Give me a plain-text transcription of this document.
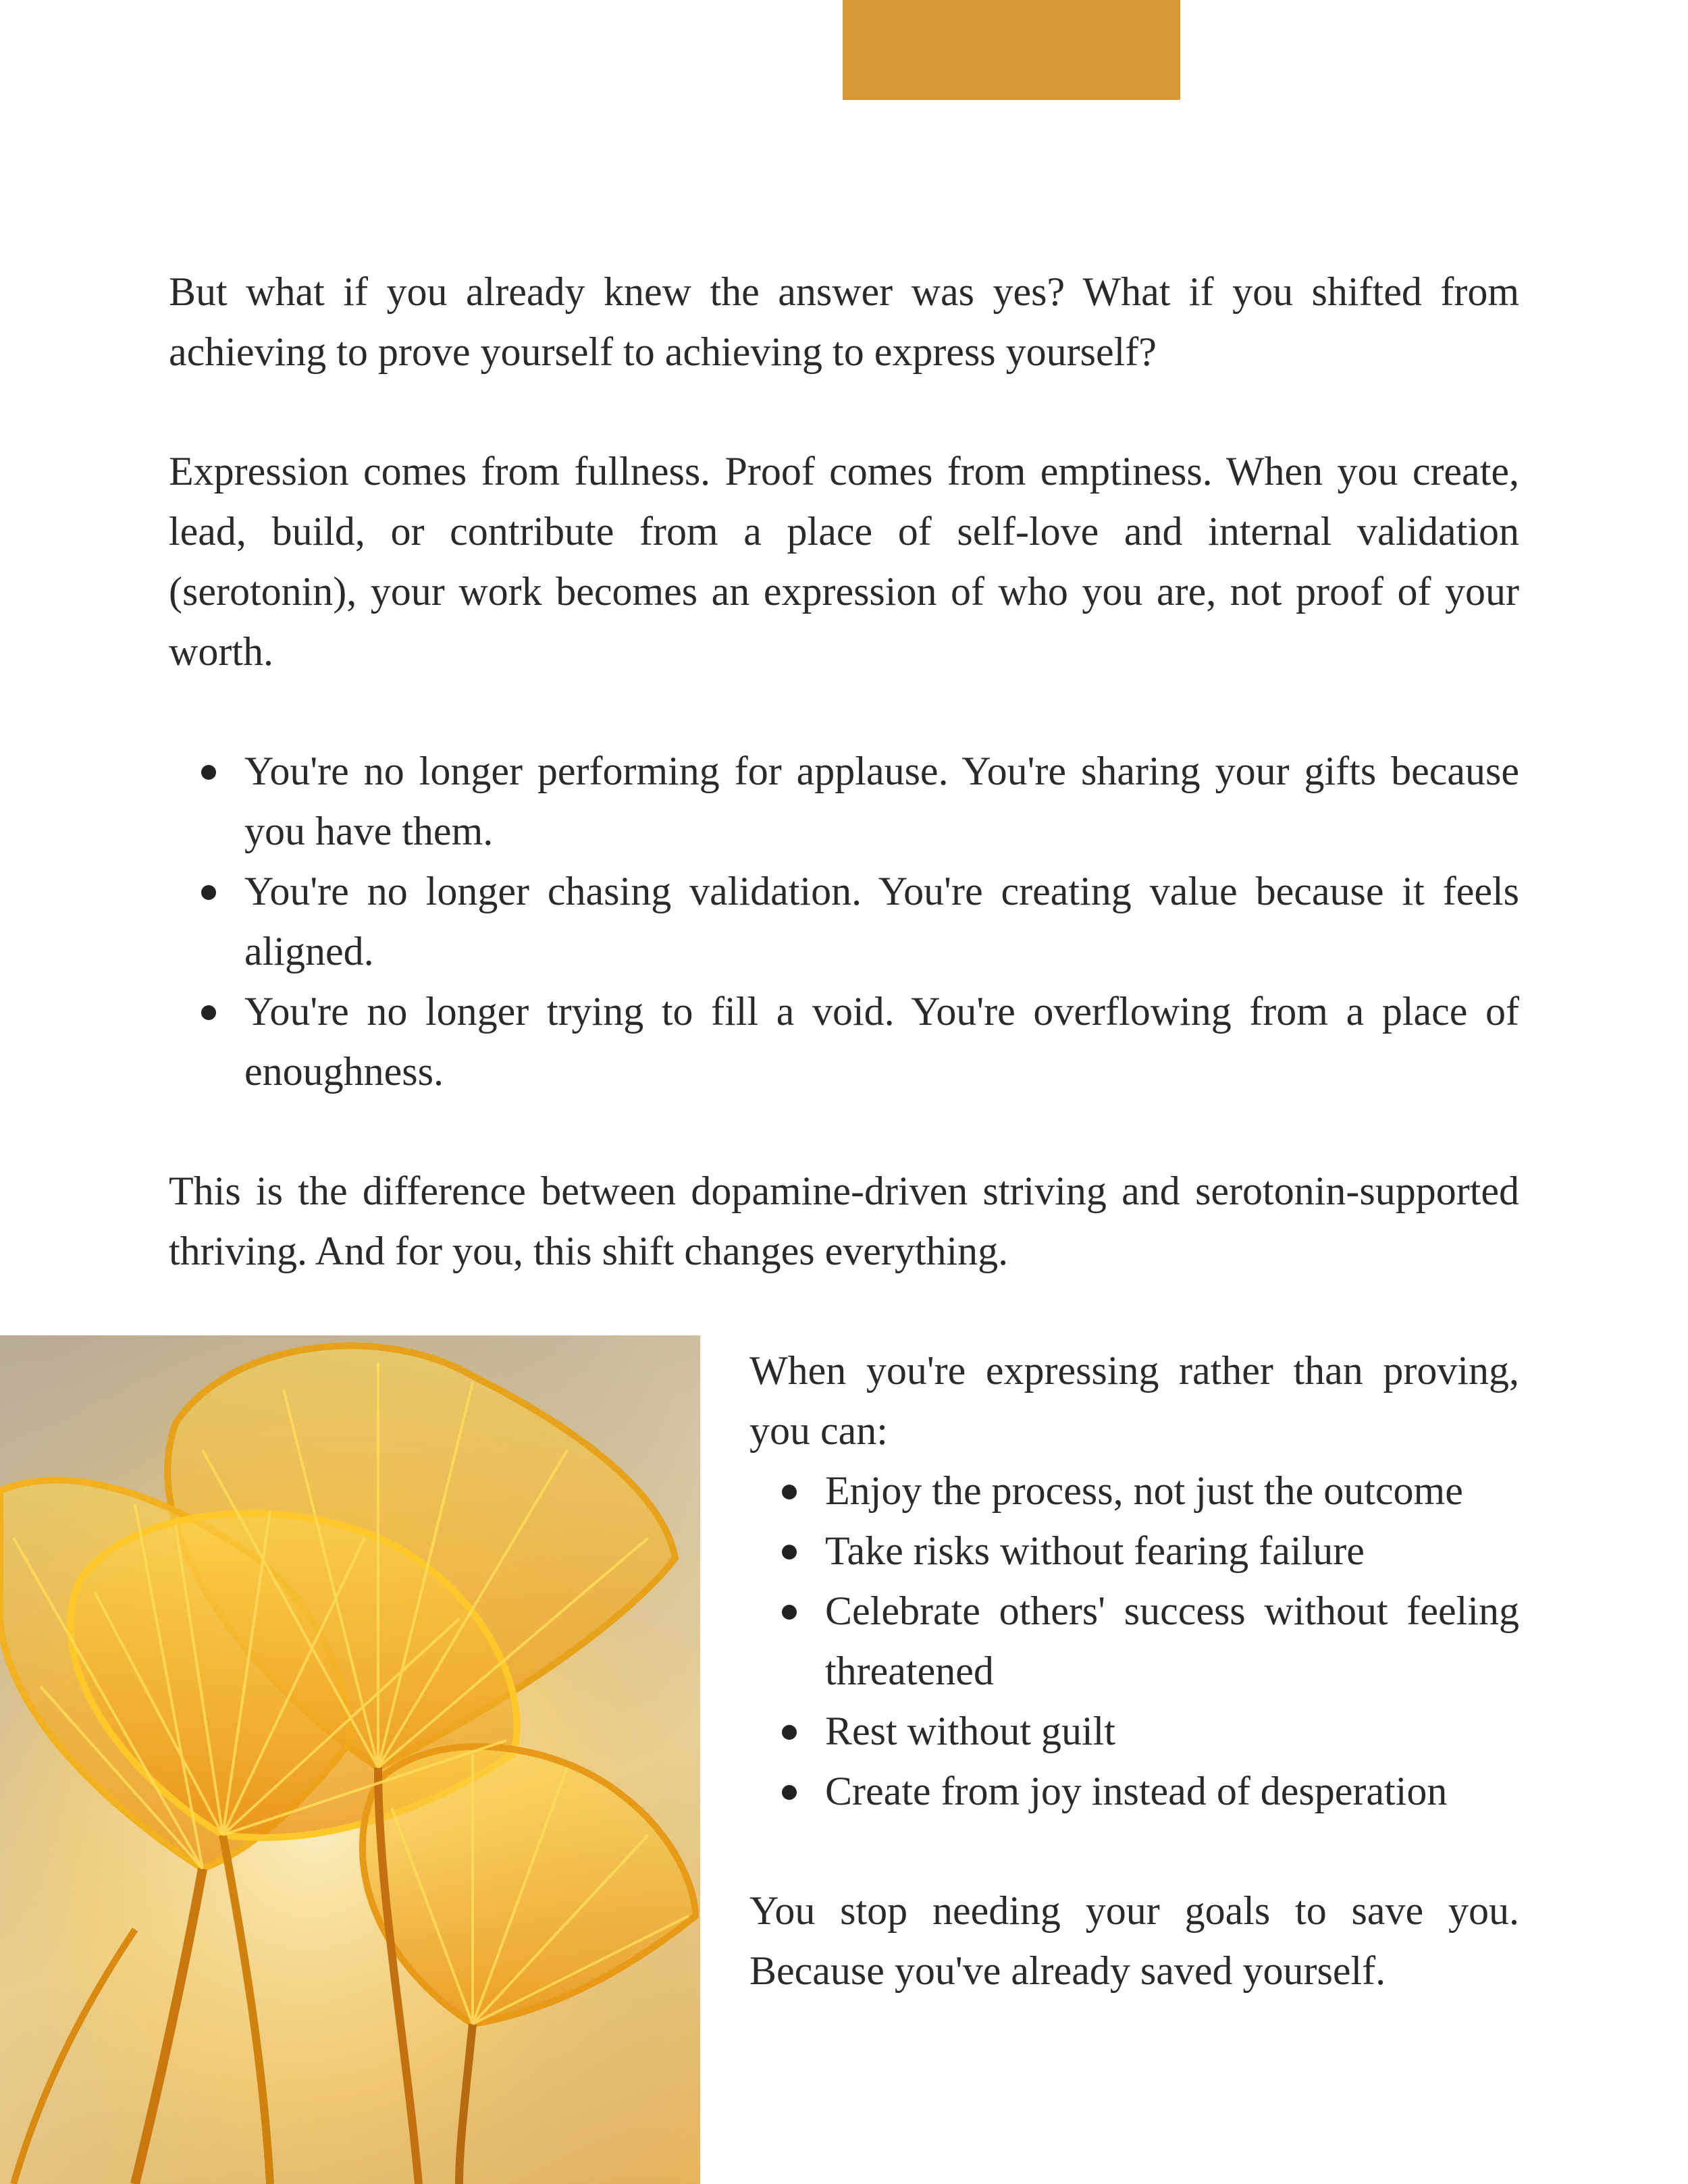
But what if you already knew the answer was yes? What if you shifted from achieving to prove yourself to achieving to express yourself?

Expression comes from fullness. Proof comes from emptiness. When you create, lead, build, or contribute from a place of self-love and internal validation (serotonin), your work becomes an expression of who you are, not proof of your worth.

You're no longer performing for applause. You're sharing your gifts because you have them.
You're no longer chasing validation. You're creating value because it feels aligned.
You're no longer trying to fill a void. You're overflowing from a place of enoughness.

This is the difference between dopamine-driven striving and serotonin-supported thriving. And for you, this shift changes everything.

When you're expressing rather than proving, you can:

Enjoy the process, not just the outcome
Take risks without fearing failure
Celebrate others' success without feeling threatened
Rest without guilt
Create from joy instead of desperation

You stop needing your goals to save you. Because you've already saved yourself.
